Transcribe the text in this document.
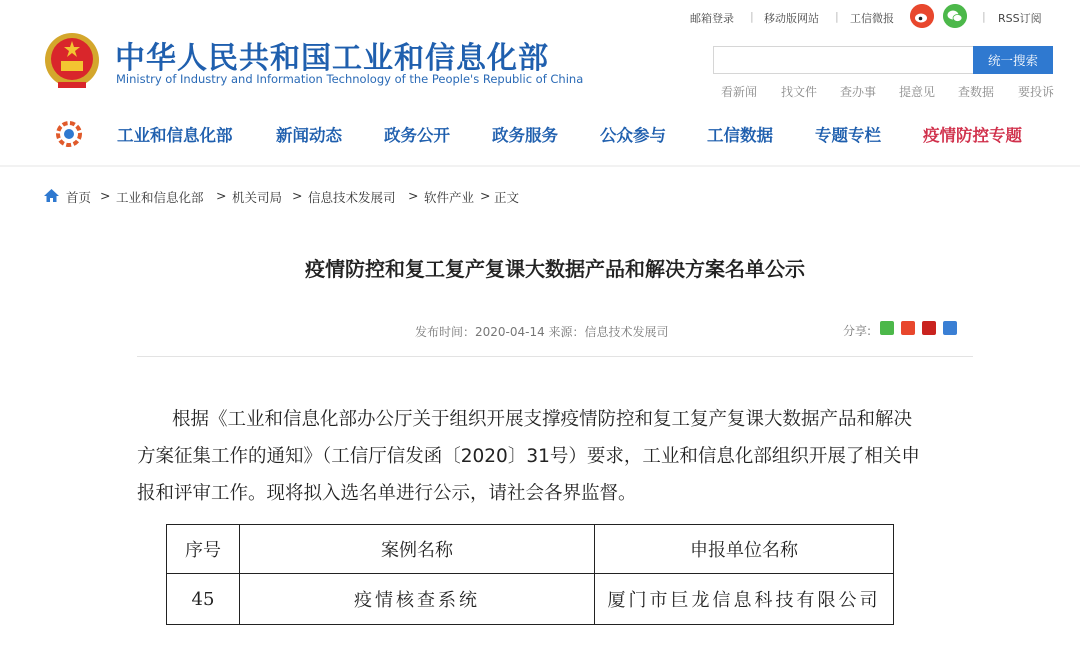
中华人民共和国工业和信息化部
Ministry of Industry and Information Technology of the People's Republic of China
邮箱登录 | 移动版网站 | 工信微报	| RSS订阅
统一搜索
看新闻 找文件 查办事 提意见 查数据 要投诉
工业和信息化部	新闻动态	政务公开	政务服务	公众参与 工信数据	专题专栏	疫情防控专题
首页 > 工业和信息化部 > 机关司局 > 信息技术发展司 > 软件产业 > 正文
疫情防控和复工复产复课大数据产品和解决方案名单公示
发布时间：2020-04-14 来源：信息技术发展司	分享:
根据《工业和信息化部办公厅关于组织开展支撑疫情防控和复工复产复课大数据产品和解决
方案征集工作的通知》（工信厅信发函〔2020〕31号）要求，工业和信息化部组织开展了相关申
报和评审工作。现将拟入选名单进行公示，请社会各界监督。
序号	案例名称	申报单位名称
45	疫情核查系统	厦门市巨龙信息科技有限公司
